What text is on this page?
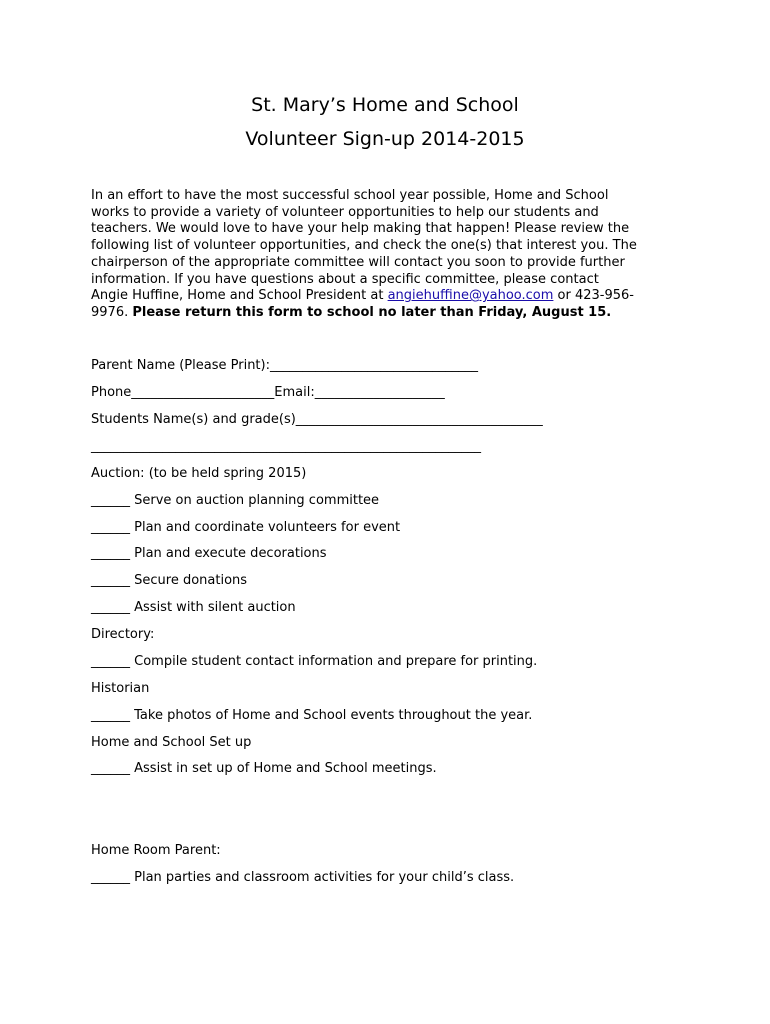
St. Mary’s Home and School
Volunteer Sign-up 2014-2015
In an effort to have the most successful school year possible, Home and School
works to provide a variety of volunteer opportunities to help our students and
teachers. We would love to have your help making that happen! Please review the
following list of volunteer opportunities, and check the one(s) that interest you. The
chairperson of the appropriate committee will contact you soon to provide further
information. If you have questions about a specific committee, please contact
Angie Huffine, Home and School President at angiehuffine@yahoo.com or 423-956-
9976. Please return this form to school no later than Friday, August 15.
Parent Name (Please Print):________________________________
Phone______________________Email:____________________
Students Name(s) and grade(s)______________________________________
____________________________________________________________
Auction: (to be held spring 2015)
______ Serve on auction planning committee
______ Plan and coordinate volunteers for event
______ Plan and execute decorations
______ Secure donations
______ Assist with silent auction
Directory:
______ Compile student contact information and prepare for printing.
Historian
______ Take photos of Home and School events throughout the year.
Home and School Set up
______ Assist in set up of Home and School meetings.
Home Room Parent:
______ Plan parties and classroom activities for your child’s class.
